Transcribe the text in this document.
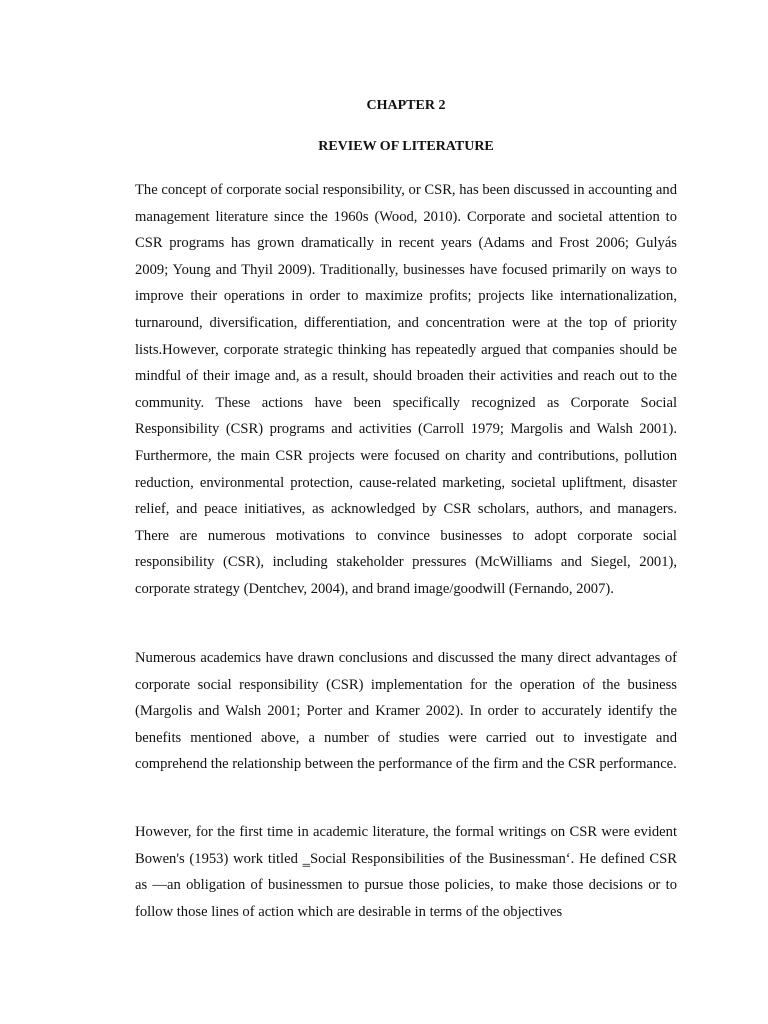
CHAPTER 2
REVIEW OF LITERATURE

The concept of corporate social responsibility, or CSR, has been discussed in accounting and management literature since the 1960s (Wood, 2010). Corporate and societal attention to CSR programs has grown dramatically in recent years (Adams and Frost 2006; Gulyás 2009; Young and Thyil 2009). Traditionally, businesses have focused primarily on ways to improve their operations in order to maximize profits; projects like internationalization, turnaround, diversification, differentiation, and concentration were at the top of priority lists.However, corporate strategic thinking has repeatedly argued that companies should be mindful of their image and, as a result, should broaden their activities and reach out to the community. These actions have been specifically recognized as Corporate Social Responsibility (CSR) programs and activities (Carroll 1979; Margolis and Walsh 2001). Furthermore, the main CSR projects were focused on charity and contributions, pollution reduction, environmental protection, cause-related marketing, societal upliftment, disaster relief, and peace initiatives, as acknowledged by CSR scholars, authors, and managers. There are numerous motivations to convince businesses to adopt corporate social responsibility (CSR), including stakeholder pressures (McWilliams and Siegel, 2001), corporate strategy (Dentchev, 2004), and brand image/goodwill (Fernando, 2007).

Numerous academics have drawn conclusions and discussed the many direct advantages of corporate social responsibility (CSR) implementation for the operation of the business (Margolis and Walsh 2001; Porter and Kramer 2002). In order to accurately identify the benefits mentioned above, a number of studies were carried out to investigate and comprehend the relationship between the performance of the firm and the CSR performance.

However, for the first time in academic literature, the formal writings on CSR were evident Bowen's (1953) work titled ‗Social Responsibilities of the Businessman‘. He defined CSR as —an obligation of businessmen to pursue those policies, to make those decisions or to follow those lines of action which are desirable in terms of the objectives
